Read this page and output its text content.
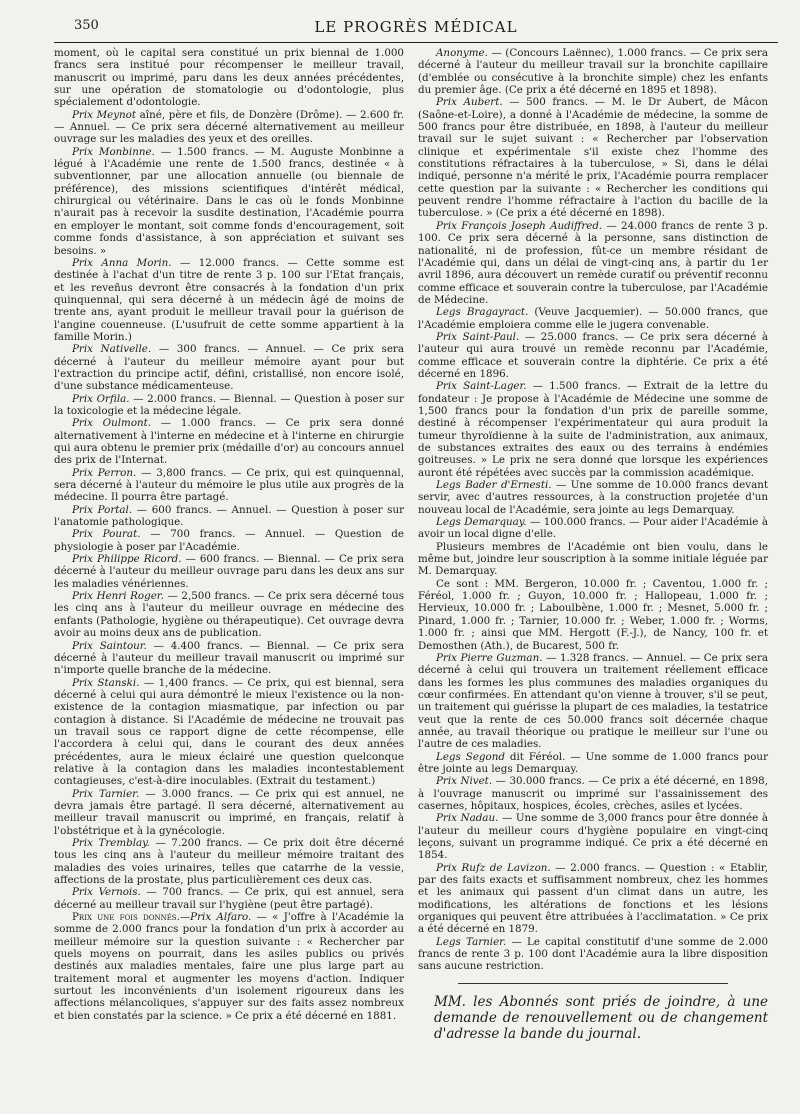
350	LE PROGRÈS MÉDICAL

moment, où le capital sera constitué un prix biennal de 1.000 francs sera institué pour récompenser le meilleur travail, manuscrit ou imprimé, paru dans les deux années précédentes, sur une opération de stomatologie ou d'odontologie, plus spécialement d'odontologie.

Prix Meynot aîné, père et fils, de Donzère (Drôme). — 2.600 fr. — Annuel. — Ce prix sera décerné alternativement au meilleur ouvrage sur les maladies des yeux et des oreilles.

Prix Monbinne. — 1.500 francs. — M. Auguste Monbinne a légué à l'Académie une rente de 1.500 francs, destinée « à subventionner, par une allocation annuelle (ou biennale de préférence), des missions scientifiques d'intérêt médical, chirurgical ou vétérinaire. Dans le cas où le fonds Monbinne n'aurait pas à recevoir la susdite destination, l'Académie pourra en employer le montant, soit comme fonds d'encouragement, soit comme fonds d'assistance, à son appréciation et suivant ses besoins. »

Prix Anna Morin. — 12.000 francs. — Cette somme est destinée à l'achat d'un titre de rente 3 p. 100 sur l'Etat français, et les reveñus devront être consacrés à la fondation d'un prix quinquennal, qui sera décerné à un médecin âgé de moins de trente ans, ayant produit le meilleur travail pour la guérison de l'angine couenneuse. (L'usufruit de cette somme appartient à la famille Morin.)

Prix Nativelle. — 300 francs. — Annuel. — Ce prix sera décerné à l'auteur du meilleur mémoire ayant pour but l'extraction du principe actif, défini, cristallisé, non encore isolé, d'une substance médicamenteuse.

Prix Orfila. — 2.000 francs. — Biennal. — Question à poser sur la toxicologie et la médecine légale.

Prix Oulmont. — 1.000 francs. — Ce prix sera donné alternativement à l'interne en médecine et à l'interne en chirurgie qui aura obtenu le premier prix (médaille d'or) au concours annuel des prix de l'Internat.

Prix Perron. — 3,800 francs. — Ce prix, qui est quinquennal, sera décerné à l'auteur du mémoire le plus utile aux progrès de la médecine. Il pourra être partagé.

Prix Portal. — 600 francs. — Annuel. — Question à poser sur l'anatomie pathologique.

Prix Pourat. — 700 francs. — Annuel. — Question de physiologie à poser par l'Académie.

Prix Philippe Ricord. — 600 francs. — Biennal. — Ce prix sera décerné à l'auteur du meilleur ouvrage paru dans les deux ans sur les maladies vénériennes.

Prix Henri Roger. — 2,500 francs. — Ce prix sera décerné tous les cinq ans à l'auteur du meilleur ouvrage en médecine des enfants (Pathologie, hygiène ou thérapeutique). Cet ouvrage devra avoir au moins deux ans de publication.

Prix Saintour. — 4.400 francs. — Biennal. — Ce prix sera décerné à l'auteur du meilleur travail manuscrit ou imprimé sur n'importe quelle branche de la médecine.

Prix Stanski. — 1,400 francs. — Ce prix, qui est biennal, sera décerné à celui qui aura démontré le mieux l'existence ou la non-existence de la contagion miasmatique, par infection ou par contagion à distance. Si l'Académie de médecine ne trouvait pas un travail sous ce rapport digne de cette récompense, elle l'accordera à celui qui, dans le courant des deux années précédentes, aura le mieux éclairé une question quelconque relative à la contagion dans les maladies incontestablement contagieuses, c'est-à-dire inoculables. (Extrait du testament.)

Prix Tarnier. — 3.000 francs. — Ce prix qui est annuel, ne devra jamais être partagé. Il sera décerné, alternativement au meilleur travail manuscrit ou imprimé, en français, relatif à l'obstétrique et à la gynécologie.

Prix Tremblay. — 7.200 francs. — Ce prix doit être décerné tous les cinq ans à l'auteur du meilleur mémoire traitant des maladies des voies urinaires, telles que catarrhe de la vessie, affections de la prostate, plus particulièrement ces deux cas.

Prix Vernois. — 700 francs. — Ce prix, qui est annuel, sera décerné au meilleur travail sur l'hygiène (peut être partagé).

Prix une fois donnés.—Prix Alfaro. — « J'offre à l'Académie la somme de 2.000 francs pour la fondation d'un prix à accorder au meilleur mémoire sur la question suivante : « Rechercher par quels moyens on pourrait, dans les asiles publics ou privés destinés aux maladies mentales, faire une plus large part au traitement moral et augmenter les moyens d'action. Indiquer surtout les inconvénients d'un isolement rigoureux dans les affections mélancoliques, s'appuyer sur des faits assez nombreux et bien constatés par la science. » Ce prix a été décerné en 1881.

Anonyme. — (Concours Laënnec), 1.000 francs. — Ce prix sera décerné à l'auteur du meilleur travail sur la bronchite capillaire (d'emblée ou consécutive à la bronchite simple) chez les enfants du premier âge. (Ce prix a été décerné en 1895 et 1898).

Prix Aubert. — 500 francs. — M. le Dr Aubert, de Mâcon (Saône-et-Loire), a donné à l'Académie de médecine, la somme de 500 francs pour être distribuée, en 1898, à l'auteur du meilleur travail sur le sujet suivant : « Rechercher par l'observation clinique et expérimentale s'il existe chez l'homme des constitutions réfractaires à la tuberculose, » Si, dans le délai indiqué, personne n'a mérité le prix, l'Académie pourra remplacer cette question par la suivante : « Rechercher les conditions qui peuvent rendre l'homme réfractaire à l'action du bacille de la tuberculose. » (Ce prix a été décerné en 1898).

Prix François Joseph Audiffred. — 24.000 francs de rente 3 p. 100. Ce prix sera décerné à la personne, sans distinction de nationalité, ni de profession, fût-ce un membre résidant de l'Académie qui, dans un délai de vingt-cinq ans, à partir du 1er avril 1896, aura découvert un remède curatif ou préventif reconnu comme efficace et souverain contre la tuberculose, par l'Académie de Médecine.

Legs Bragayract. (Veuve Jacquemier). — 50.000 francs, que l'Académie emploiera comme elle le jugera convenable.

Prix Saint-Paul. — 25.000 francs. — Ce prix sera décerné à l'auteur qui aura trouvé un remède reconnu par l'Académie, comme efficace et souverain contre la diphtérie. Ce prix a été décerné en 1896.

Prix Saint-Lager. — 1.500 francs. — Extrait de la lettre du fondateur : Je propose à l'Académie de Médecine une somme de 1,500 francs pour la fondation d'un prix de pareille somme, destiné à récompenser l'expérimentateur qui aura produit la tumeur thyroïdienne à la suite de l'administration, aux animaux, de substances extraites des eaux ou des terrains à endémies goitreuses. » Le prix ne sera donné que lorsque les expériences auront été répétées avec succès par la commission académique.

Legs Bader d'Ernesti. — Une somme de 10.000 francs devant servir, avec d'autres ressources, à la construction projetée d'un nouveau local de l'Académie, sera jointe au legs Demarquay.

Legs Demarquay. — 100.000 francs. — Pour aider l'Académie à avoir un local digne d'elle.

Plusieurs membres de l'Académie ont bien voulu, dans le même but, joindre leur souscription à la somme initiale léguée par M. Demarquay.

Ce sont : MM. Bergeron, 10.000 fr. ; Caventou, 1.000 fr. ; Féréol, 1.000 fr. ; Guyon, 10.000 fr. ; Hallopeau, 1.000 fr. ; Hervieux, 10.000 fr. ; Laboulbène, 1.000 fr. ; Mesnet, 5.000 fr. ; Pinard, 1.000 fr. ; Tarnier, 10.000 fr. ; Weber, 1.000 fr. ; Worms, 1.000 fr. ; ainsi que MM. Hergott (F.-J.), de Nancy, 100 fr. et Demosthen (Ath.), de Bucarest, 500 fr.

Prix Pierre Guzman. — 1.328 francs. — Annuel. — Ce prix sera décerné à celui qui trouvera un traitement réellement efficace dans les formes les plus communes des maladies organiques du cœur confirmées. En attendant qu'on vienne à trouver, s'il se peut, un traitement qui guérisse la plupart de ces maladies, la testatrice veut que la rente de ces 50.000 francs soit décernée chaque année, au travail théorique ou pratique le meilleur sur l'une ou l'autre de ces maladies.

Legs Segond dit Féréol. — Une somme de 1.000 francs pour être jointe au legs Demarquay.

Prix Nivet. — 30.000 francs. — Ce prix a été décerné, en 1898, à l'ouvrage manuscrit ou imprimé sur l'assainissement des casernes, hôpitaux, hospices, écoles, crèches, asiles et lycées.

Prix Nadau. — Une somme de 3,000 francs pour être donnée à l'auteur du meilleur cours d'hygiène populaire en vingt-cinq leçons, suivant un programme indiqué. Ce prix a été décerné en 1854.

Prix Rufz de Lavizon. — 2.000 francs. — Question : « Etablir, par des faits exacts et suffisamment nombreux, chez les hommes et les animaux qui passent d'un climat dans un autre, les modifications, les altérations de fonctions et les lésions organiques qui peuvent être attribuées à l'acclimatation. » Ce prix a été décerné en 1879.

Legs Tarnier. — Le capital constitutif d'une somme de 2.000 francs de rente 3 p. 100 dont l'Académie aura la libre disposition sans aucune restriction.

MM. les Abonnés sont priés de joindre, à une demande de renouvellement ou de changement d'adresse la bande du journal.
